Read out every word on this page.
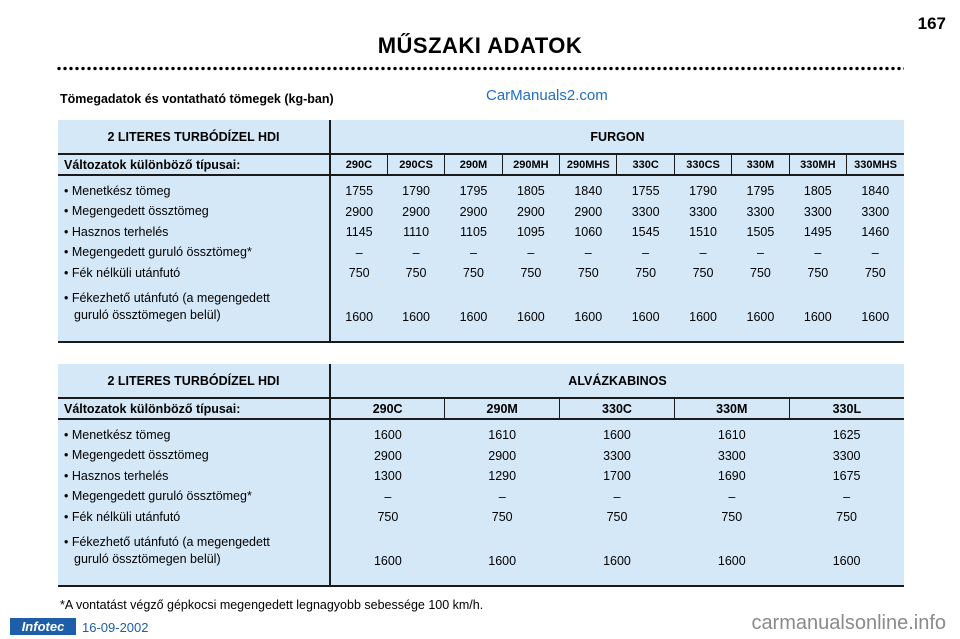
167
MŰSZAKI ADATOK
Tömegadatok és vontatható tömegek (kg-ban)	CarManuals2.com
2 LITERES TURBÓDÍZEL HDI	FURGON									
Változatok különböző típusai:	290C	290CS	290M	290MH	290MHS	330C	330CS	330M	330MH	330MHS
• Menetkész tömeg	1755	1790	1795	1805	1840	1755	1790	1795	1805	1840
• Megengedett össztömeg	2900	2900	2900	2900	2900	3300	3300	3300	3300	3300
• Hasznos terhelés	1145	1110	1105	1095	1060	1545	1510	1505	1495	1460
• Megengedett guruló össztömeg*	–	–	–	–	–	–	–	–	–	–
• Fék nélküli utánfutó	750	750	750	750	750	750	750	750	750	750
• Fékezhető utánfutó (a megengedett
guruló össztömegen belül)	1600	1600	1600	1600	1600	1600	1600	1600	1600	1600

2 LITERES TURBÓDÍZEL HDI	ALVÁZKABINOS				
Változatok különböző típusai:	290C	290M	330C	330M	330L
• Menetkész tömeg	1600	1610	1600	1610	1625
• Megengedett össztömeg	2900	2900	3300	3300	3300
• Hasznos terhelés	1300	1290	1700	1690	1675
• Megengedett guruló össztömeg*	–	–	–	–	–
• Fék nélküli utánfutó	750	750	750	750	750
• Fékezhető utánfutó (a megengedett
guruló össztömegen belül)	1600	1600	1600	1600	1600

*A vontatást végző gépkocsi megengedett legnagyobb sebessége 100 km/h.
Infotec	16-09-2002	carmanualsonline.info
